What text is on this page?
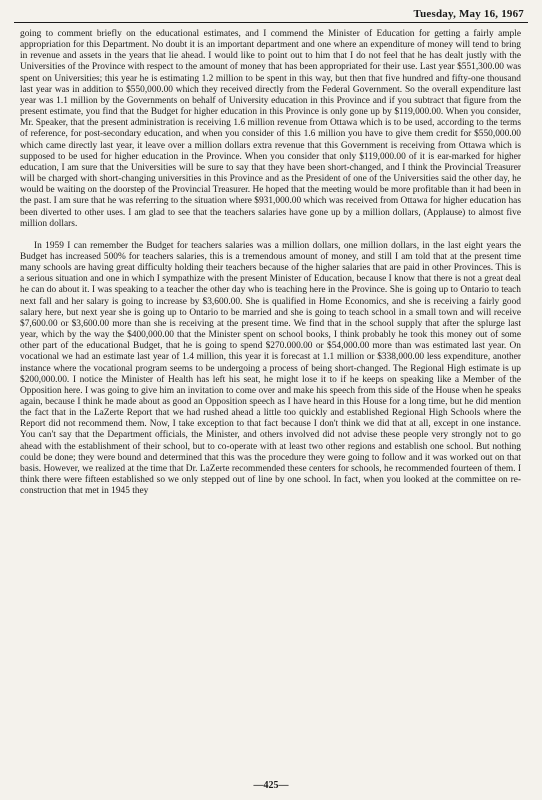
Tuesday, May 16, 1967

going to comment briefly on the educational estimates, and I commend the Minister of Education for getting a fairly ample appropriation for this Department. No doubt it is an important department and one where an expenditure of money will tend to bring in revenue and assets in the years that lie ahead. I would like to point out to him that I do not feel that he has dealt justly with the Universities of the Province with respect to the amount of money that has been appropriated for their use. Last year $551,300.00 was spent on Universities; this year he is estimating 1.2 million to be spent in this way, but then that five hundred and fifty-one thousand last year was in addition to $550,000.00 which they received directly from the Federal Government. So the overall expenditure last year was 1.1 million by the Governments on behalf of University education in this Province and if you subtract that figure from the present estimate, you find that the Budget for higher education in this Province is only gone up by $119,000.00. When you consider, Mr. Speaker, that the present administration is receiving 1.6 million revenue from Ottawa which is to be used, according to the terms of reference, for post-secondary education, and when you consider of this 1.6 million you have to give them credit for $550,000.00 which came directly last year, it leave over a million dollars extra revenue that this Government is receiving from Ottawa which is supposed to be used for higher education in the Province. When you consider that only $119,000.00 of it is ear-marked for higher education, I am sure that the Universities will be sure to say that they have been short-changed, and I think the Provincial Treasurer will be charged with short-changing universities in this Province and as the President of one of the Universities said the other day, he would be waiting on the doorstep of the Provincial Treasurer. He hoped that the meeting would be more profitable than it had been in the past. I am sure that he was referring to the situation where $931,000.00 which was received from Ottawa for higher education has been diverted to other uses. I am glad to see that the teachers salaries have gone up by a million dollars, (Applause) to almost five million dollars.

In 1959 I can remember the Budget for teachers salaries was a million dollars, one million dollars, in the last eight years the Budget has increased 500% for teachers salaries, this is a tremendous amount of money, and still I am told that at the present time many schools are having great difficulty holding their teachers because of the higher salaries that are paid in other Provinces. This is a serious situation and one in which I sympathize with the present Minister of Education, because I know that there is not a great deal he can do about it. I was speaking to a teacher the other day who is teaching here in the Province. She is going up to Ontario to teach next fall and her salary is going to increase by $3,600.00. She is qualified in Home Economics, and she is receiving a fairly good salary here, but next year she is going up to Ontario to be married and she is going to teach school in a small town and will receive $7,600.00 or $3,600.00 more than she is receiving at the present time. We find that in the school supply that after the splurge last year, which by the way the $400,000.00 that the Minister spent on school books, I think probably he took this money out of some other part of the educational Budget, that he is going to spend $270.000.00 or $54,000.00 more than was estimated last year. On vocational we had an estimate last year of 1.4 million, this year it is forecast at 1.1 million or $338,000.00 less expenditure, another instance where the vocational program seems to be undergoing a process of being short-changed. The Regional High estimate is up $200,000.00. I notice the Minister of Health has left his seat, he might lose it to if he keeps on speaking like a Member of the Opposition here. I was going to give him an invitation to come over and make his speech from this side of the House when he speaks again, because I think he made about as good an Opposition speech as I have heard in this House for a long time, but he did mention the fact that in the LaZerte Report that we had rushed ahead a little too quickly and established Regional High Schools where the Report did not recommend them. Now, I take exception to that fact because I don't think we did that at all, except in one instance. You can't say that the Department officials, the Minister, and others involved did not advise these people very strongly not to go ahead with the establishment of their school, but to co-operate with at least two other regions and establish one school. But nothing could be done; they were bound and determined that this was the procedure they were going to follow and it was worked out on that basis. However, we realized at the time that Dr. LaZerte recommended these centers for schools, he recommended fourteen of them. I think there were fifteen established so we only stepped out of line by one school. In fact, when you looked at the committee on re-construction that met in 1945 they

—425—
